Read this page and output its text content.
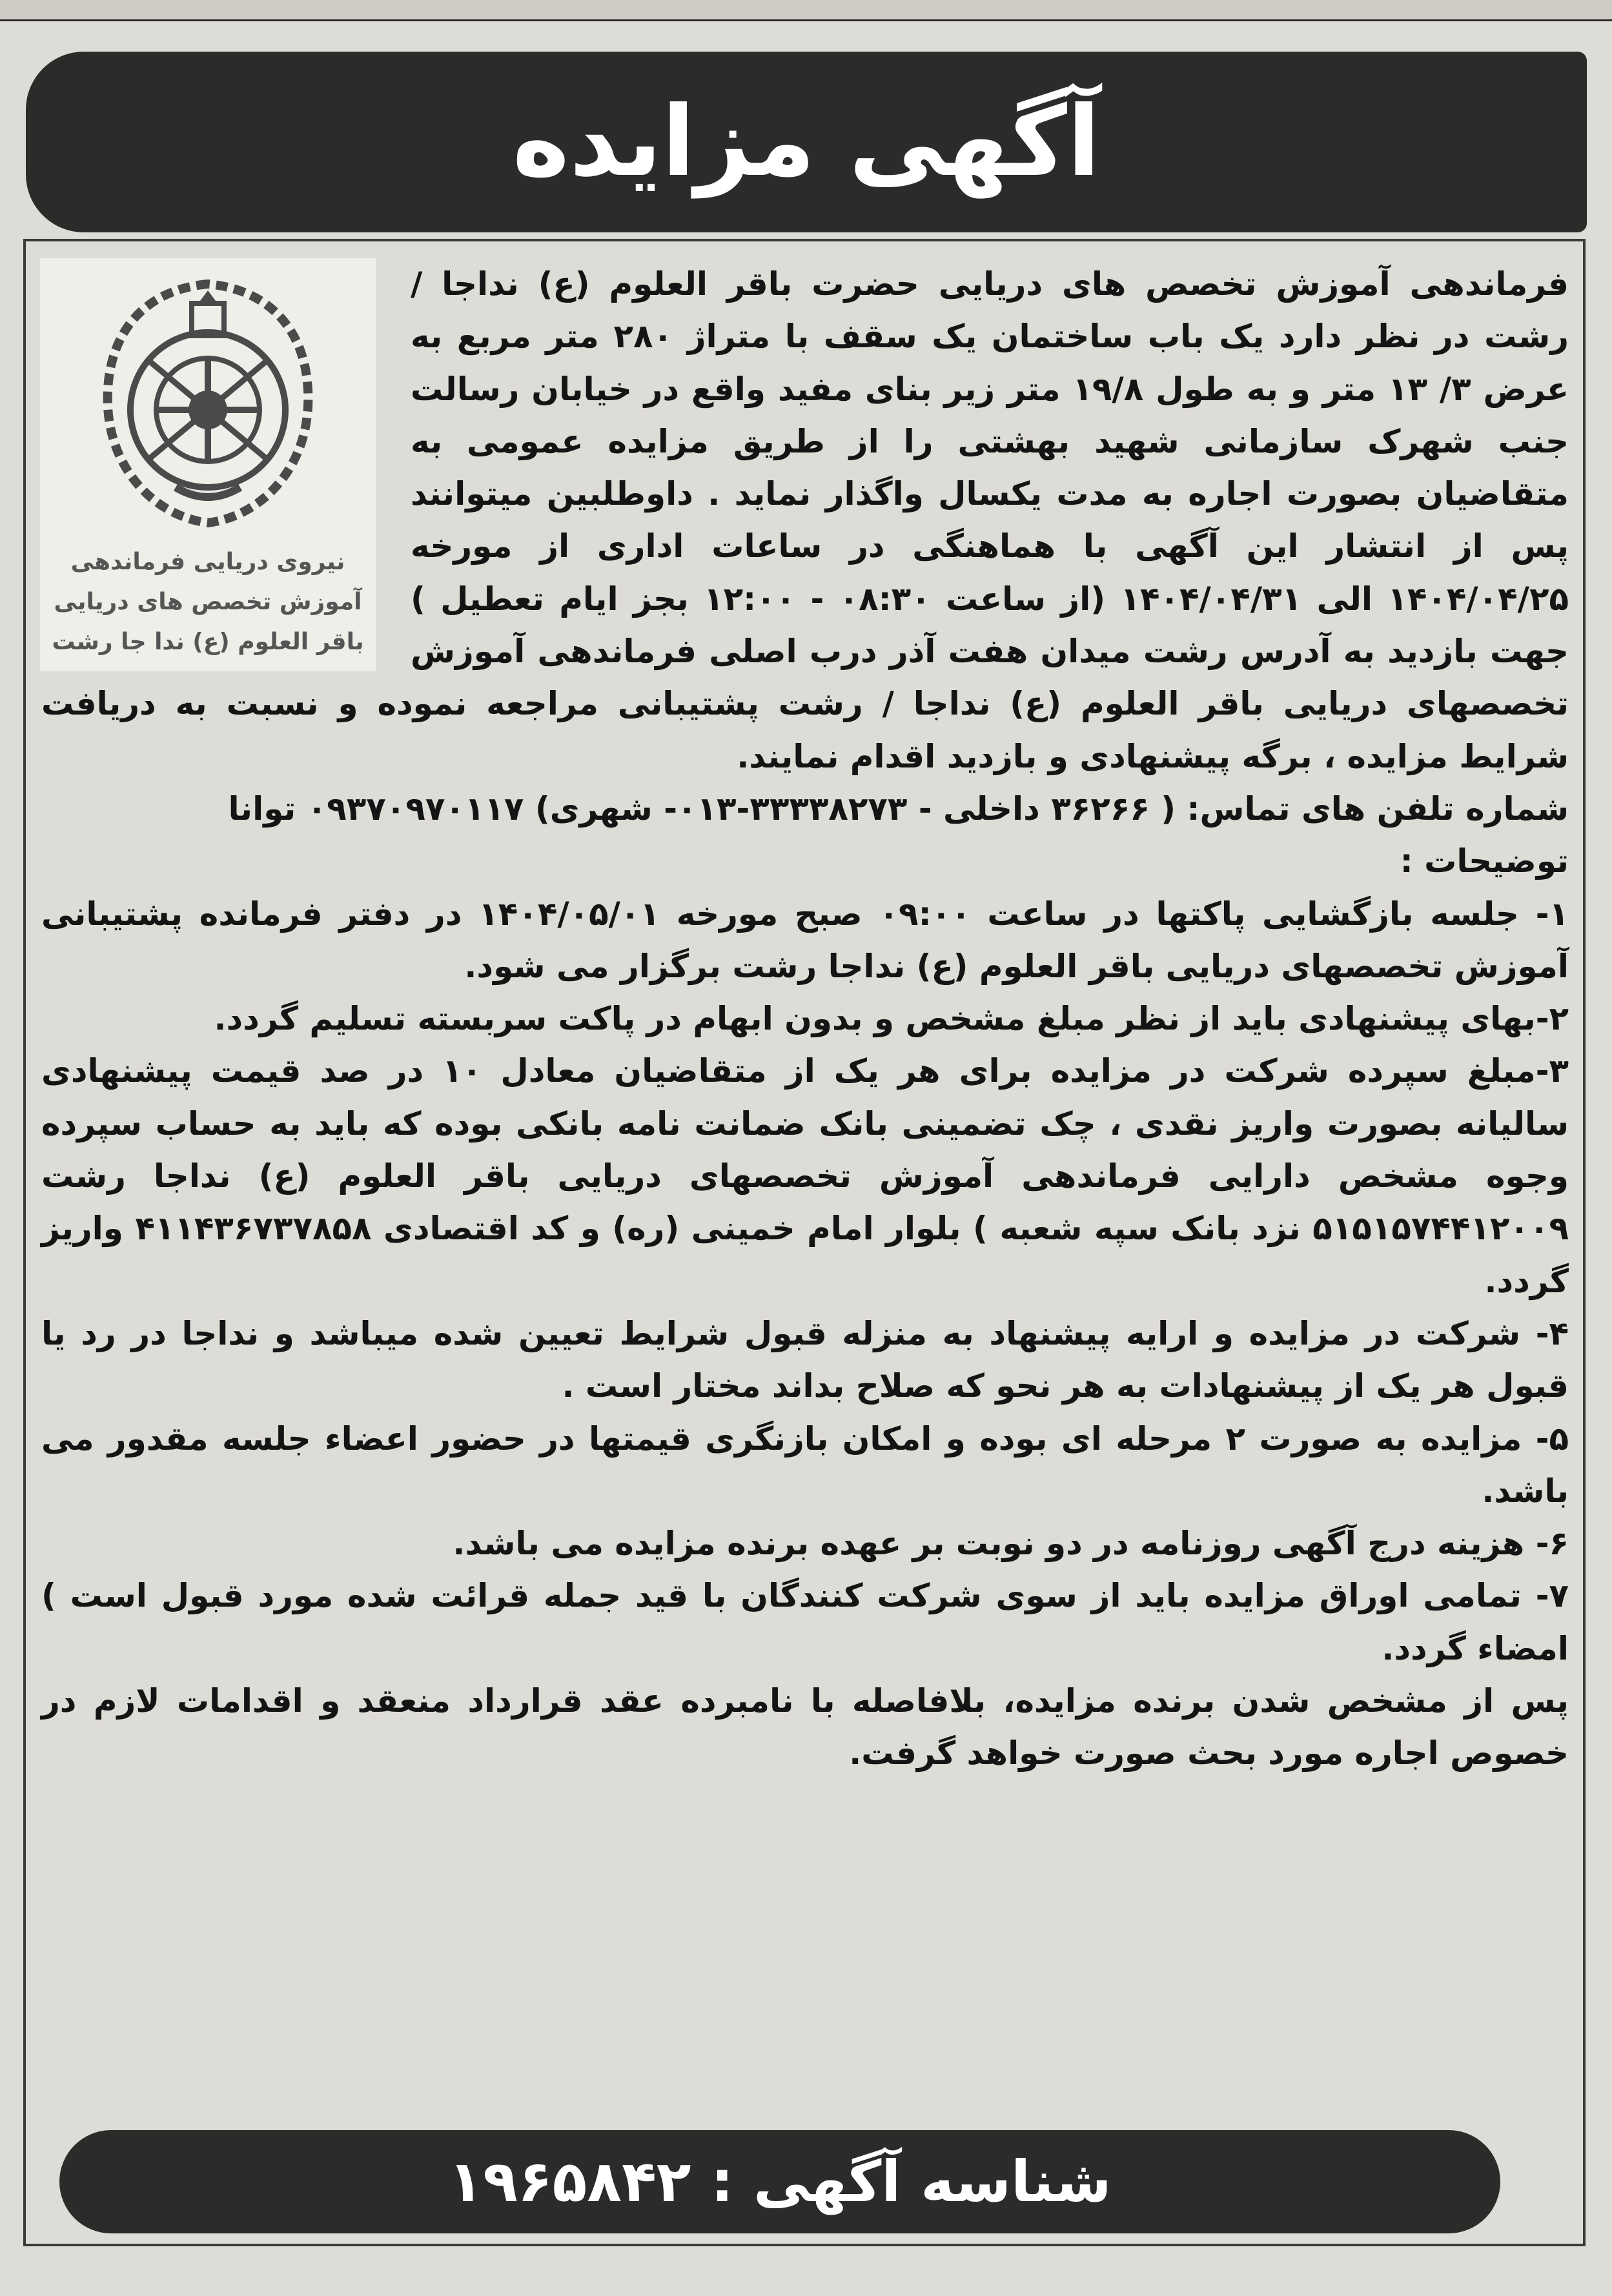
آگهی مزایده
نیروی دریایی فرماندهی
آموزش تخصص های دریایی
باقر العلوم (ع) ندا جا رشت

فرماندهی آموزش تخصص های دریایی حضرت باقر العلوم (ع) نداجا / رشت در نظر دارد یک باب ساختمان یک سقف با متراژ ۲۸۰ متر مربع به عرض ۳/ ۱۳ متر و به طول ۱۹/۸ متر زیر بنای مفید واقع در خیابان رسالت جنب شهرک سازمانی شهید بهشتی را از طریق مزایده عمومی به متقاضیان بصورت اجاره به مدت یکسال واگذار نماید . داوطلبین میتوانند پس از انتشار این آگهی با هماهنگی در ساعات اداری از مورخه ۱۴۰۴/۰۴/۲۵ الی ۱۴۰۴/۰۴/۳۱ (از ساعت ۰۸:۳۰ - ۱۲:۰۰ بجز ایام تعطیل ) جهت بازدید به آدرس رشت میدان هفت آذر درب اصلی فرماندهی آموزش تخصصهای دریایی باقر العلوم (ع) نداجا / رشت پشتیبانی مراجعه نموده و نسبت به دریافت شرایط مزایده ، برگه پیشنهادی و بازدید اقدام نمایند.

شماره تلفن های تماس: ( ۳۶۲۶۶ داخلی - ۳۳۳۳۸۲۷۳-۰۱۳- شهری) ۰۹۳۷۰۹۷۰۱۱۷ توانا

توضیحات :

۱- جلسه بازگشایی پاکتها در ساعت ۰۹:۰۰ صبح مورخه ۱۴۰۴/۰۵/۰۱ در دفتر فرمانده پشتیبانی آموزش تخصصهای دریایی باقر العلوم (ع) نداجا رشت برگزار می شود.

۲-بهای پیشنهادی باید از نظر مبلغ مشخص و بدون ابهام در پاکت سربسته تسلیم گردد.

۳-مبلغ سپرده شرکت در مزایده برای هر یک از متقاضیان معادل ۱۰ در صد قیمت پیشنهادی سالیانه بصورت واریز نقدی ، چک تضمینی بانک ضمانت نامه بانکی بوده که باید به حساب سپرده وجوه مشخص دارایی فرماندهی آموزش تخصصهای دریایی باقر العلوم (ع) نداجا رشت ۵۱۵۱۵۷۴۴۱۲۰۰۹ نزد بانک سپه شعبه ) بلوار امام خمینی (ره) و کد اقتصادی ۴۱۱۴۳۶۷۳۷۸۵۸ واریز گردد.

۴- شرکت در مزایده و ارایه پیشنهاد به منزله قبول شرایط تعیین شده میباشد و نداجا در رد یا قبول هر یک از پیشنهادات به هر نحو که صلاح بداند مختار است .

۵- مزایده به صورت ۲ مرحله ای بوده و امکان بازنگری قیمتها در حضور اعضاء جلسه مقدور می باشد.

۶- هزینه درج آگهی روزنامه در دو نوبت بر عهده برنده مزایده می باشد.

۷- تمامی اوراق مزایده باید از سوی شرکت کنندگان با قید جمله قرائت شده مورد قبول است ) امضاء گردد.

پس از مشخص شدن برنده مزایده، بلافاصله با نامبرده عقد قرارداد منعقد و اقدامات لازم در خصوص اجاره مورد بحث صورت خواهد گرفت.

شناسه آگهی : ۱۹۶۵۸۴۲
